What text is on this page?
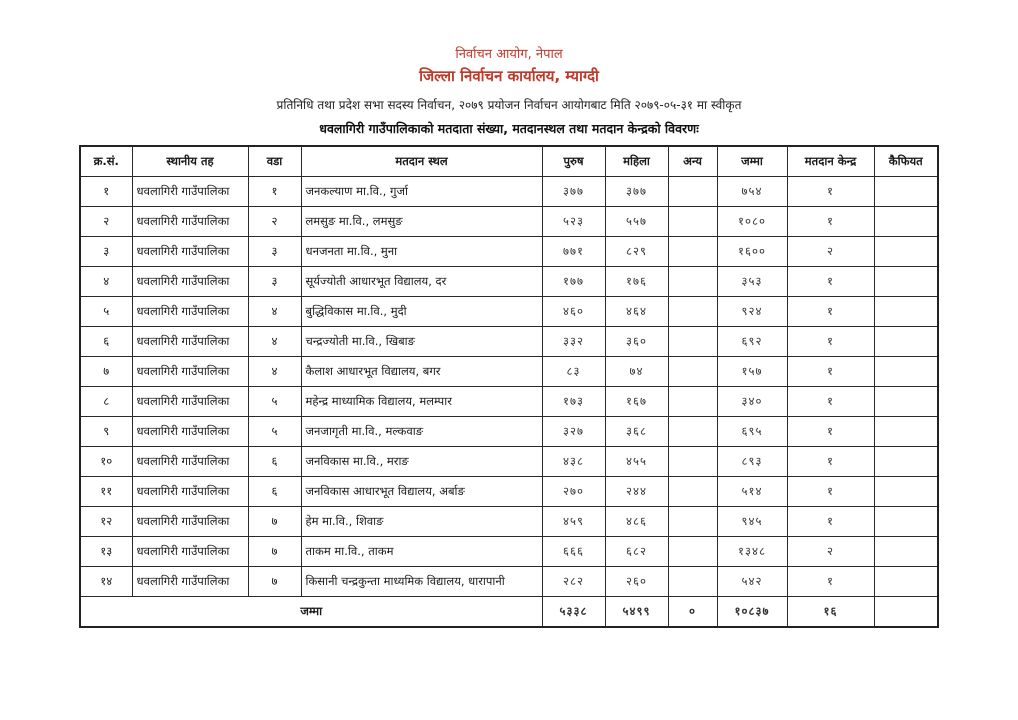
निर्वाचन आयोग, नेपाल
जिल्ला निर्वाचन कार्यालय, म्याग्दी
प्रतिनिधि तथा प्रदेश सभा सदस्य निर्वाचन, २०७९ प्रयोजन निर्वाचन आयोगबाट मिति २०७९-०५-३१ मा स्वीकृत
धवलागिरी गाउँपालिकाको मतदाता संख्या, मतदानस्थल तथा मतदान केन्द्रको विवरणः
क्र.सं.	स्थानीय तह	वडा	मतदान स्थल	पुरुष	महिला	अन्य	जम्मा	मतदान केन्द्र	कैफियत
१	धवलागिरी गाउँपालिका	१	जनकल्याण मा.वि., गुर्जा	३७७	३७७		७५४	१	
२	धवलागिरी गाउँपालिका	२	लमसुङ मा.वि., लमसुङ	५२३	५५७		१०८०	१	
३	धवलागिरी गाउँपालिका	३	धनजनता मा.वि., मुना	७७१	८२९		१६००	२	
४	धवलागिरी गाउँपालिका	३	सूर्यज्योती आधारभूत विद्यालय, दर	१७७	१७६		३५३	१	
५	धवलागिरी गाउँपालिका	४	बुद्धिविकास मा.वि., मुदी	४६०	४६४		९२४	१	
६	धवलागिरी गाउँपालिका	४	चन्द्रज्योती मा.वि., खिबाङ	३३२	३६०		६९२	१	
७	धवलागिरी गाउँपालिका	४	कैलाश आधारभूत विद्यालय, बगर	८३	७४		१५७	१	
८	धवलागिरी गाउँपालिका	५	महेन्द्र माध्यामिक विद्यालय, मलम्पार	१७३	१६७		३४०	१	
९	धवलागिरी गाउँपालिका	५	जनजागृती मा.वि., मल्कवाङ	३२७	३६८		६९५	१	
१०	धवलागिरी गाउँपालिका	६	जनविकास मा.वि., मराङ	४३८	४५५		८९३	१	
११	धवलागिरी गाउँपालिका	६	जनविकास आधारभूत विद्यालय, अर्बाङ	२७०	२४४		५१४	१	
१२	धवलागिरी गाउँपालिका	७	हेम मा.वि., शिवाङ	४५९	४८६		९४५	१	
१३	धवलागिरी गाउँपालिका	७	ताकम मा.वि., ताकम	६६६	६८२		१३४८	२	
१४	धवलागिरी गाउँपालिका	७	किसानी चन्द्रकुन्ता माध्यमिक विद्यालय, धारापानी	२८२	२६०		५४२	१	
जम्मा				५३३८	५४९९	०	१०८३७	१६	
